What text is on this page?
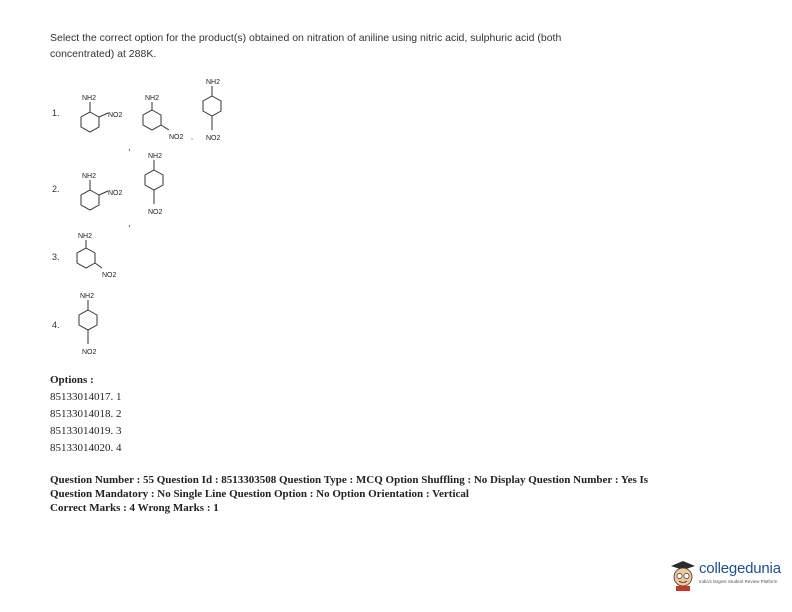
Select the correct option for the product(s) obtained on nitration of aniline using nitric acid, sulphuric acid (both concentrated) at 288K.
1.
2.
3.
4.
NH2
NO2
,
NH2
NO2 ,
NH2
NO2
NH2
NO2
,
NH2
NO2
NH2
NO2
NH2
NO2
Options :
85133014017. 1
85133014018. 2
85133014019. 3
85133014020. 4
Question Number : 55 Question Id : 8513303508 Question Type : MCQ Option Shuffling : No Display Question Number : Yes Is
Question Mandatory : No Single Line Question Option : No Option Orientation : Vertical
Correct Marks : 4 Wrong Marks : 1
collegedunia
India's largest Student Review Platform
